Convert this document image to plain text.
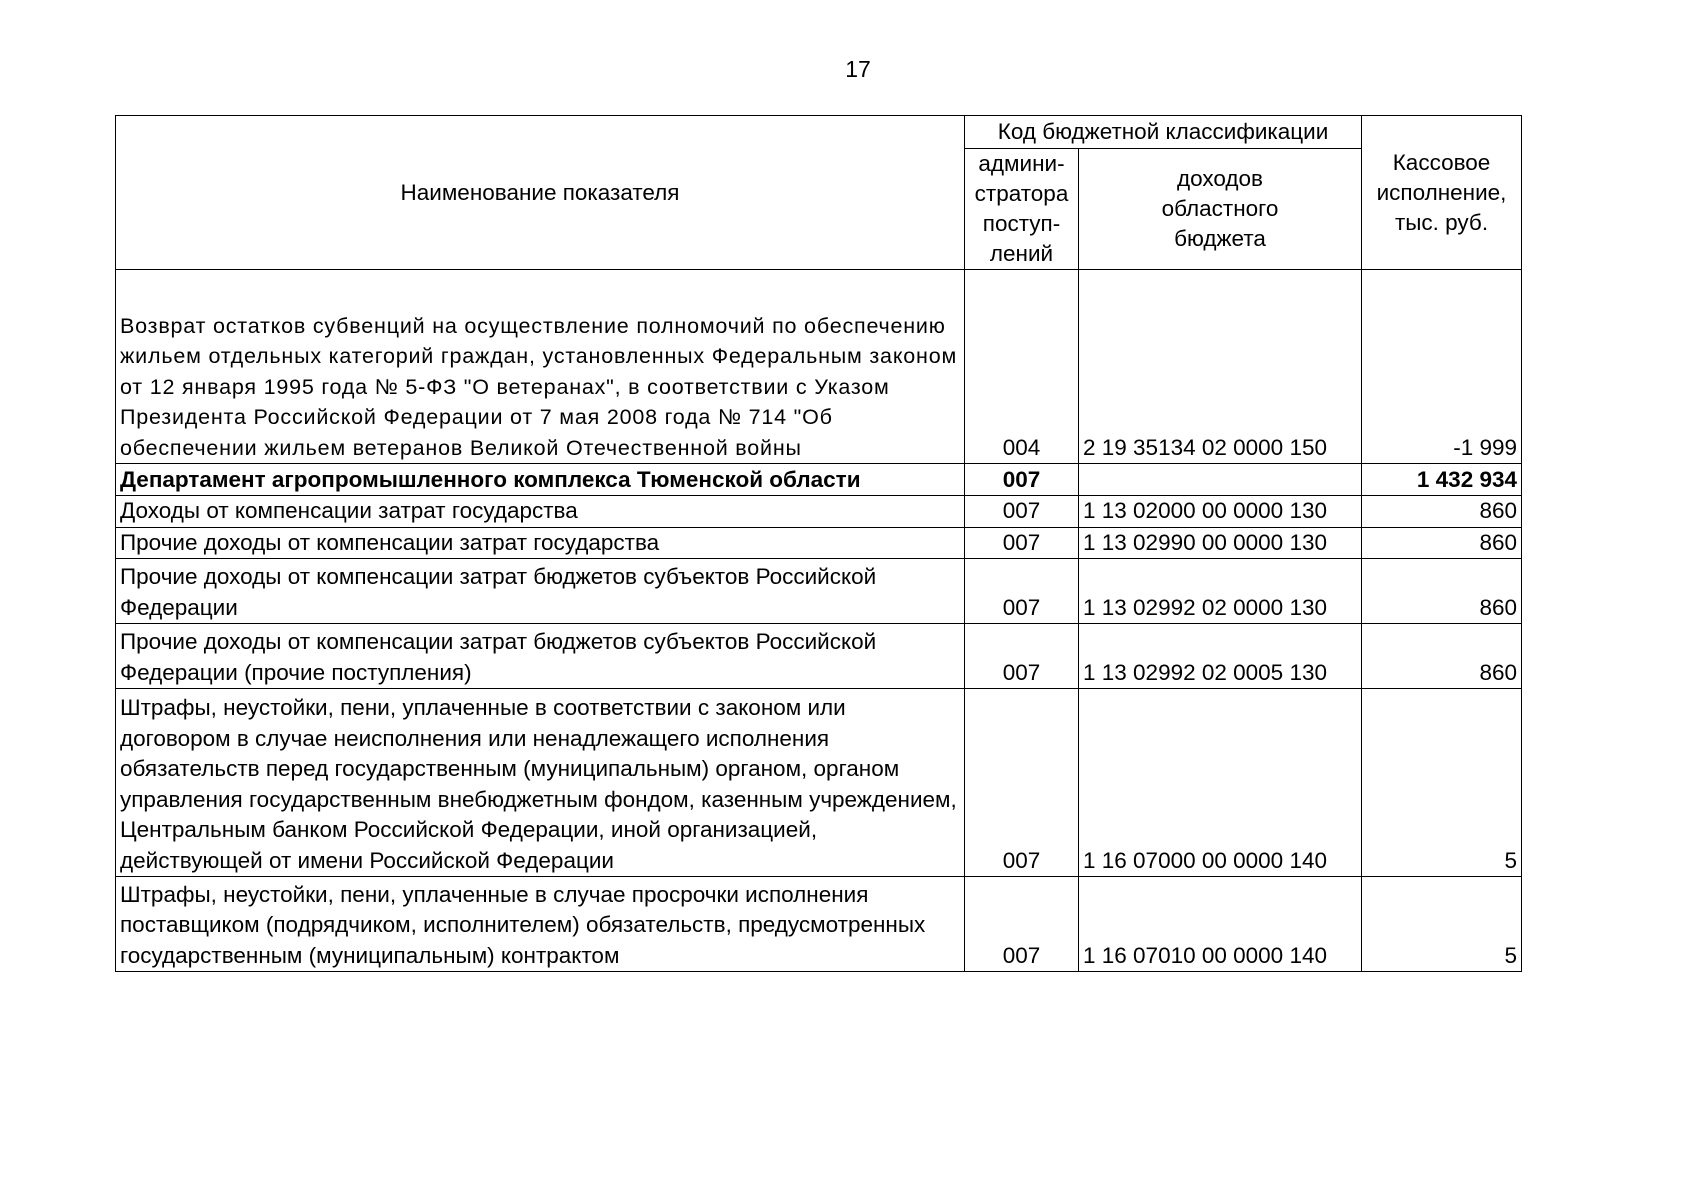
17
Наименование показателя	Код бюджетной классификации		Кассовое
исполнение,
тыс. руб.
	админи-
стратора
поступ-
лений	доходов
областного
бюджета	
Возврат остатков субвенций на осуществление полномочий по обеспечению жильем отдельных категорий граждан, установленных Федеральным законом от 12 января 1995 года № 5-ФЗ "О ветеранах", в соответствии с Указом Президента Российской Федерации от 7 мая 2008 года № 714 "Об обеспечении жильем ветеранов Великой Отечественной войны	004	2 19 35134 02 0000 150	-1 999
Департамент агропромышленного комплекса Тюменской области	007		1 432 934
Доходы от компенсации затрат государства	007	1 13 02000 00 0000 130	860
Прочие доходы от компенсации затрат государства	007	1 13 02990 00 0000 130	860
Прочие доходы от компенсации затрат бюджетов субъектов Российской Федерации	007	1 13 02992 02 0000 130	860
Прочие доходы от компенсации затрат бюджетов субъектов Российской Федерации (прочие поступления)	007	1 13 02992 02 0005 130	860
Штрафы, неустойки, пени, уплаченные в соответствии с законом или договором в случае неисполнения или ненадлежащего исполнения обязательств перед государственным (муниципальным) органом, органом управления государственным внебюджетным фондом, казенным учреждением, Центральным банком Российской Федерации, иной организацией, действующей от имени Российской Федерации	007	1 16 07000 00 0000 140	5
Штрафы, неустойки, пени, уплаченные в случае просрочки исполнения поставщиком (подрядчиком, исполнителем) обязательств, предусмотренных государственным (муниципальным) контрактом	007	1 16 07010 00 0000 140	5
